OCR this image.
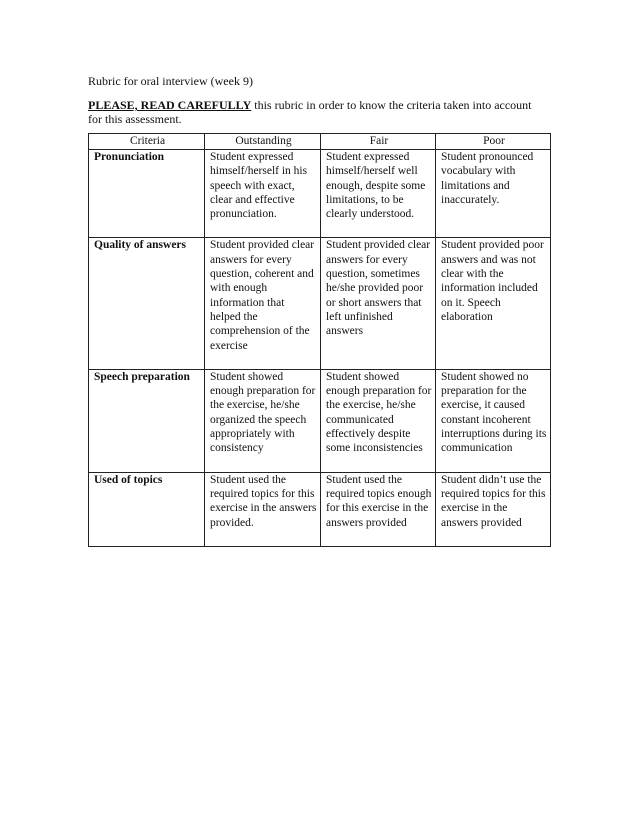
Rubric for oral interview (week 9)
PLEASE, READ CAREFULLY this rubric in order to know the criteria taken into account for this assessment.
Criteria	Outstanding	Fair	Poor
Pronunciation	Student expressed himself/herself in his speech with exact, clear and effective pronunciation.	Student expressed himself/herself well enough, despite some limitations, to be clearly understood.	Student pronounced vocabulary with limitations and inaccurately.

Quality of answers	Student provided clear answers for every question, coherent and with enough information that helped the comprehension of the exercise	Student provided clear answers for every question, sometimes he/she provided poor or short answers that left unfinished answers	Student provided poor answers and was not clear with the information included on it. Speech elaboration

Speech preparation	Student showed enough preparation for the exercise, he/she organized the speech appropriately with consistency	Student showed enough preparation for the exercise, he/she communicated effectively despite some inconsistencies	Student showed no preparation for the exercise, it caused constant incoherent interruptions during its communication

Used of topics	Student used the required topics for this exercise in the answers provided.	Student used the required topics enough for this exercise in the answers provided	Student didn’t use the required topics for this exercise in the answers provided
